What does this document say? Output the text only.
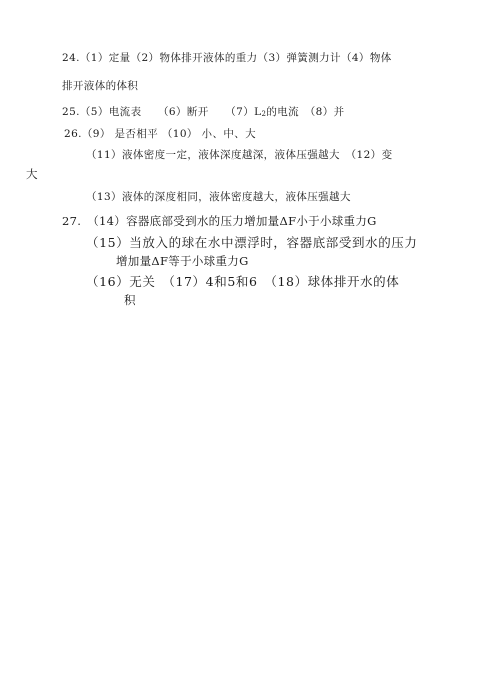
24.（1）定量（2）物体排开液体的重力（3）弹簧测力计（4）物体
排开液体的体积
25.（5）电流表　　（6）断开　　$(7)L_2$的电流　（8）并
26.（9） 是否相平 （10） 小、中、大
（11）液体密度一定，液体深度越深，液体压强越大　（12）变
大
（13）液体的深度相同，液体密度越大，液体压强越大
27.　（14）容器底部受到水的压力增加量ΔF小于小球重力G
（15）当放入的球在水中漂浮时，容器底部受到水的压力
增加量ΔF等于小球重力G
（16）无关　（17）4和5和6　（18）球体排开水的体
积
